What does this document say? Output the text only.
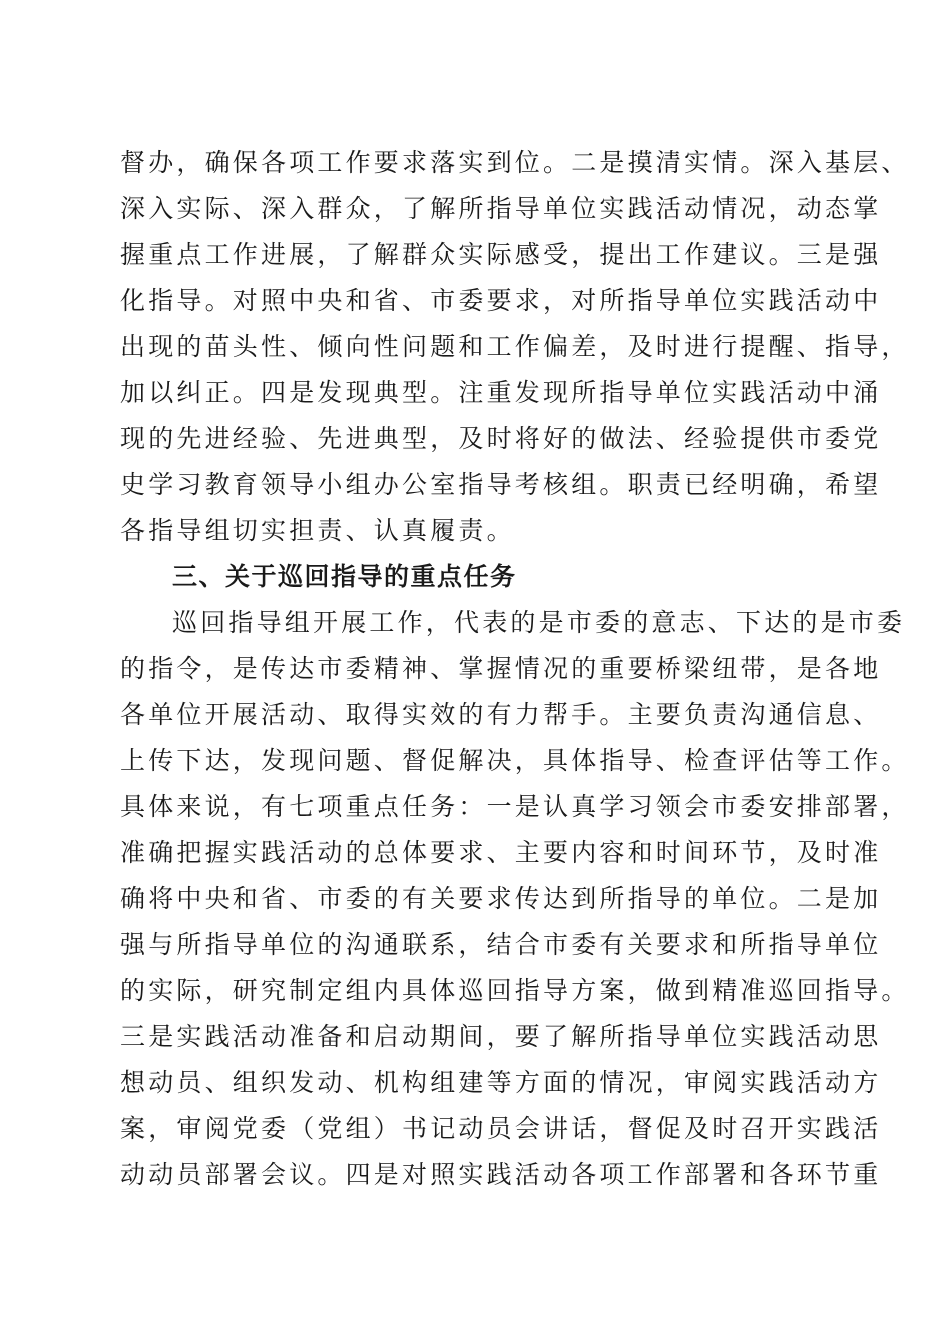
督办，确保各项工作要求落实到位。二是摸清实情。深入基层、
深入实际、深入群众，了解所指导单位实践活动情况，动态掌
握重点工作进展，了解群众实际感受，提出工作建议。三是强
化指导。对照中央和省、市委要求，对所指导单位实践活动中
出现的苗头性、倾向性问题和工作偏差，及时进行提醒、指导，
加以纠正。四是发现典型。注重发现所指导单位实践活动中涌
现的先进经验、先进典型，及时将好的做法、经验提供市委党
史学习教育领导小组办公室指导考核组。职责已经明确，希望
各指导组切实担责、认真履责。
三、关于巡回指导的重点任务
巡回指导组开展工作，代表的是市委的意志、下达的是市委
的指令，是传达市委精神、掌握情况的重要桥梁纽带，是各地
各单位开展活动、取得实效的有力帮手。主要负责沟通信息、
上传下达，发现问题、督促解决，具体指导、检查评估等工作。
具体来说，有七项重点任务：一是认真学习领会市委安排部署，
准确把握实践活动的总体要求、主要内容和时间环节，及时准
确将中央和省、市委的有关要求传达到所指导的单位。二是加
强与所指导单位的沟通联系，结合市委有关要求和所指导单位
的实际，研究制定组内具体巡回指导方案，做到精准巡回指导。
三是实践活动准备和启动期间，要了解所指导单位实践活动思
想动员、组织发动、机构组建等方面的情况，审阅实践活动方
案，审阅党委（党组）书记动员会讲话，督促及时召开实践活
动动员部署会议。四是对照实践活动各项工作部署和各环节重
